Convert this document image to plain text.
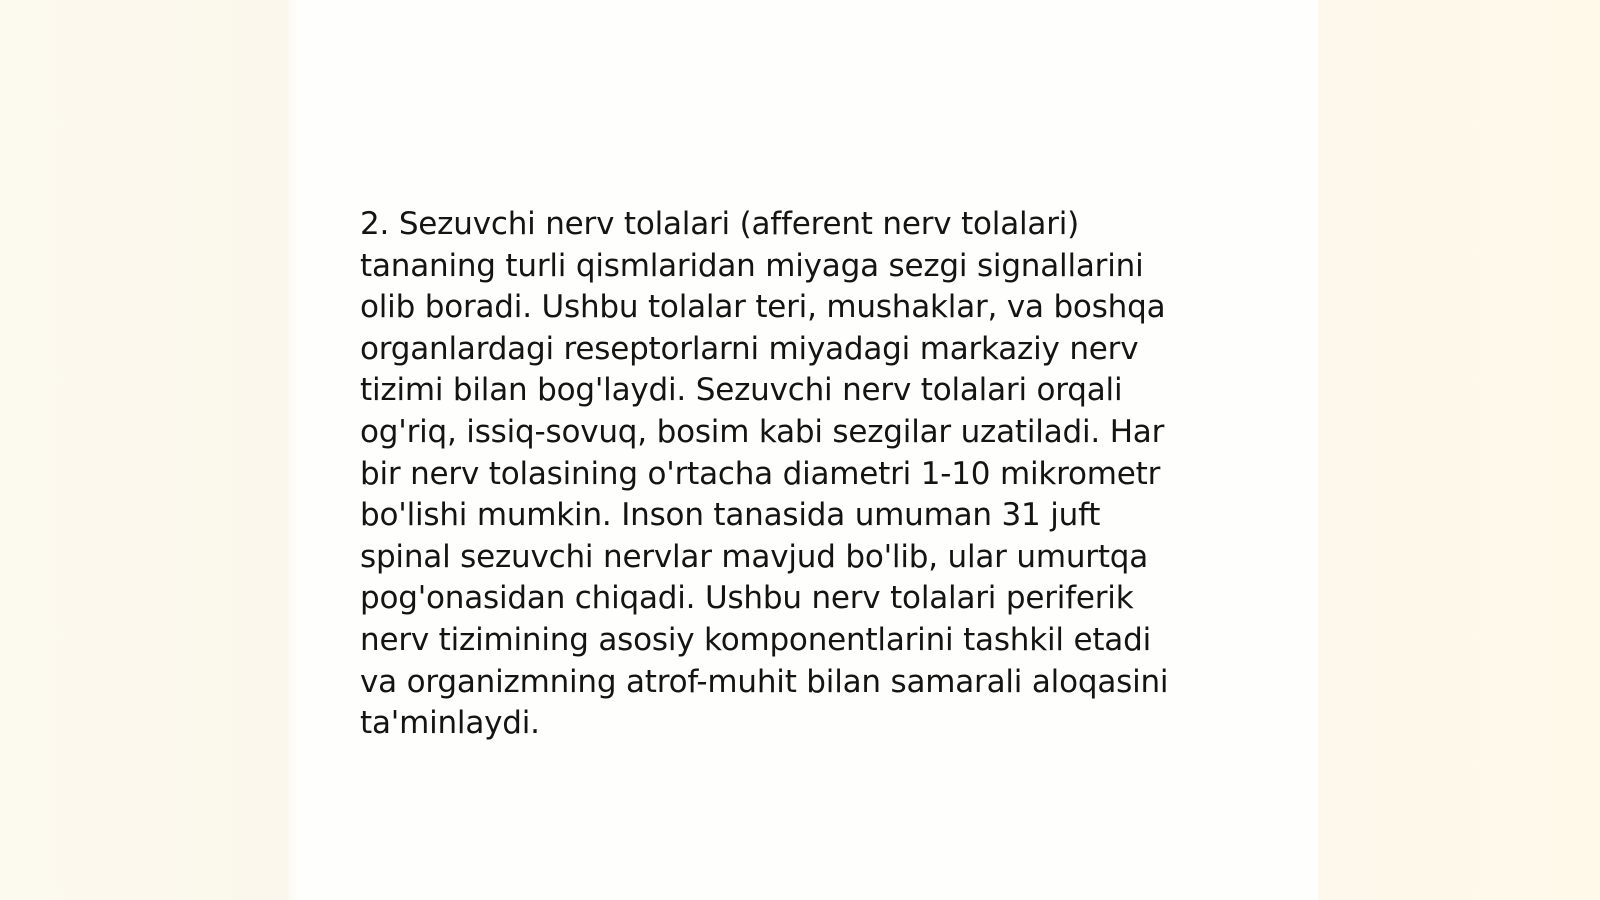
2. Sezuvchi nerv tolalari (afferent nerv tolalari)
tananing turli qismlaridan miyaga sezgi signallarini
olib boradi. Ushbu tolalar teri, mushaklar, va boshqa
organlardagi reseptorlarni miyadagi markaziy nerv
tizimi bilan bog'laydi. Sezuvchi nerv tolalari orqali
og'riq, issiq-sovuq, bosim kabi sezgilar uzatiladi. Har
bir nerv tolasining o'rtacha diametri 1-10 mikrometr
bo'lishi mumkin. Inson tanasida umuman 31 juft
spinal sezuvchi nervlar mavjud bo'lib, ular umurtqa
pog'onasidan chiqadi. Ushbu nerv tolalari periferik
nerv tizimining asosiy komponentlarini tashkil etadi
va organizmning atrof-muhit bilan samarali aloqasini
ta'minlaydi.
